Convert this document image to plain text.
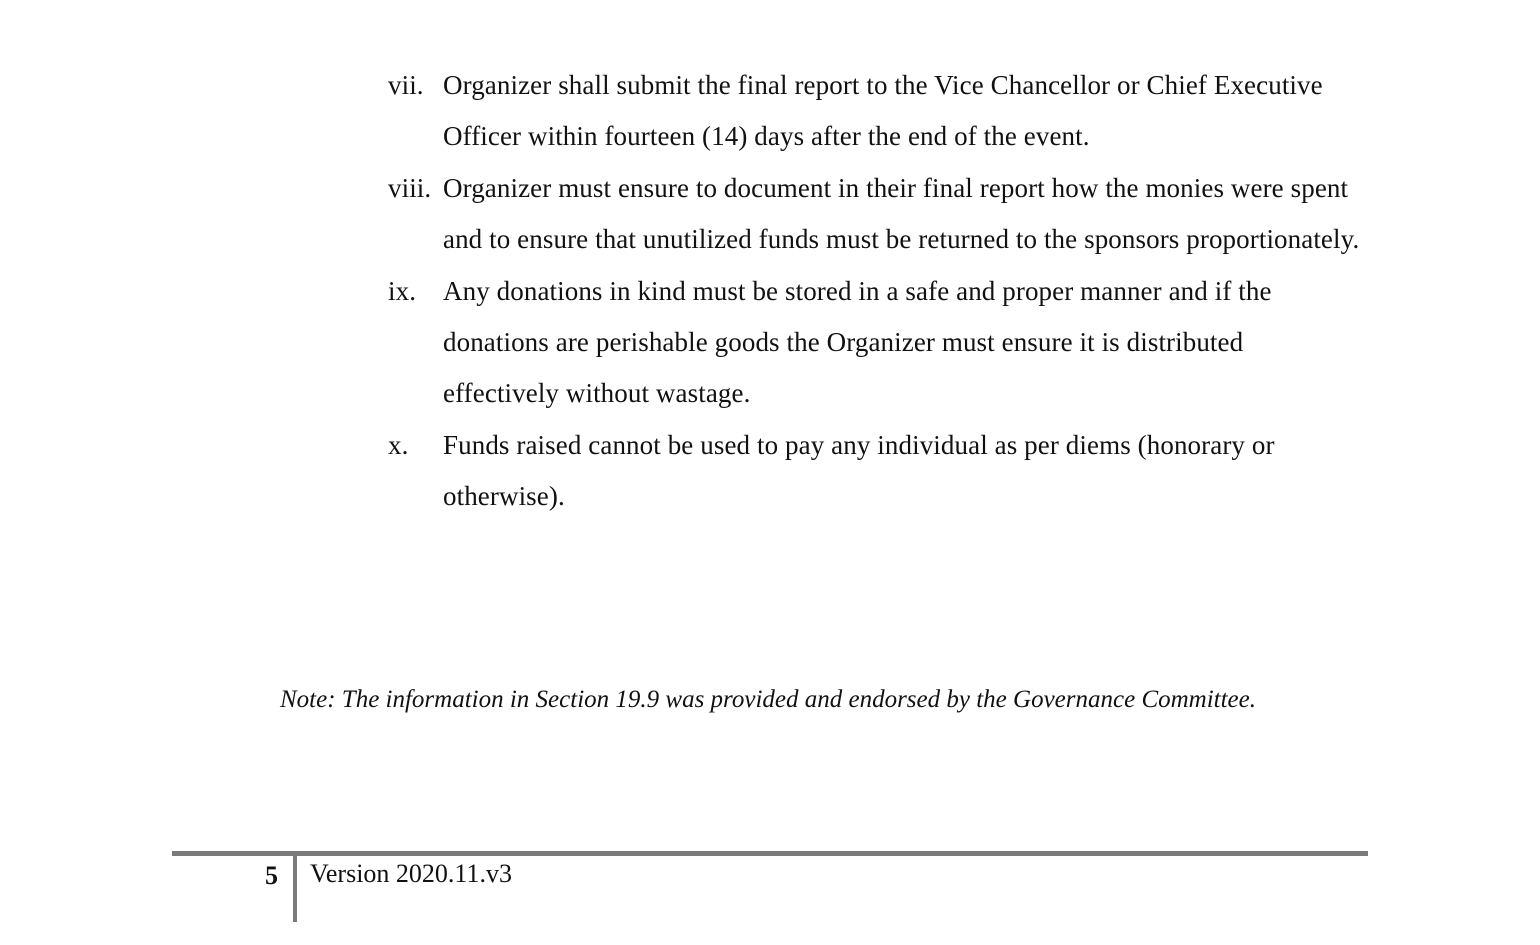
vii. Organizer shall submit the final report to the Vice Chancellor or Chief Executive Officer within fourteen (14) days after the end of the event.
viii. Organizer must ensure to document in their final report how the monies were spent and to ensure that unutilized funds must be returned to the sponsors proportionately.
ix. Any donations in kind must be stored in a safe and proper manner and if the donations are perishable goods the Organizer must ensure it is distributed effectively without wastage.
x. Funds raised cannot be used to pay any individual as per diems (honorary or otherwise).

Note: The information in Section 19.9 was provided and endorsed by the Governance Committee.

5 Version 2020.11.v3
